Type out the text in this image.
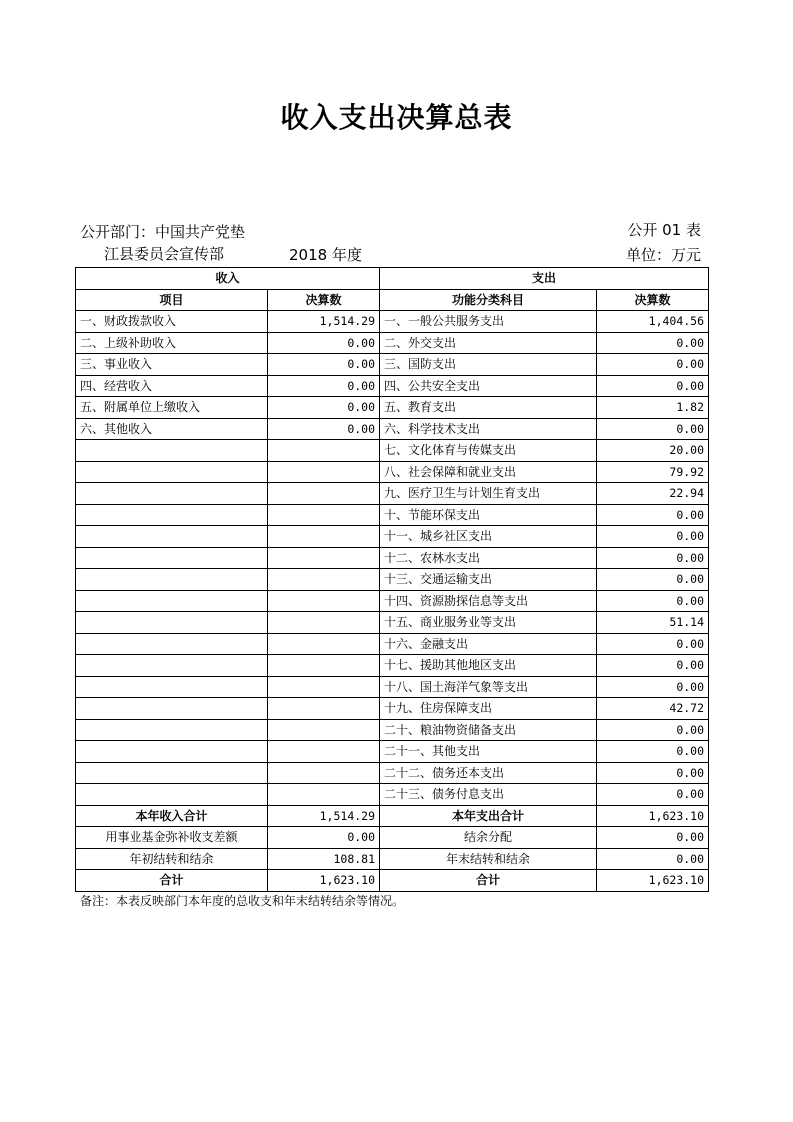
收入支出决算总表
公开部门：中国共产党垫
江县委员会宣传部	2018 年度
公开 01 表
单位：万元
收入		支出	
项目	决算数	功能分类科目	决算数
一、财政拨款收入	1,514.29	一、一般公共服务支出	1,404.56
二、上级补助收入	0.00	二、外交支出	0.00
三、事业收入	0.00	三、国防支出	0.00
四、经营收入	0.00	四、公共安全支出	0.00
五、附属单位上缴收入	0.00	五、教育支出	1.82
六、其他收入	0.00	六、科学技术支出	0.00
		七、文化体育与传媒支出	20.00
		八、社会保障和就业支出	79.92
		九、医疗卫生与计划生育支出	22.94
		十、节能环保支出	0.00
		十一、城乡社区支出	0.00
		十二、农林水支出	0.00
		十三、交通运输支出	0.00
		十四、资源勘探信息等支出	0.00
		十五、商业服务业等支出	51.14
		十六、金融支出	0.00
		十七、援助其他地区支出	0.00
		十八、国土海洋气象等支出	0.00
		十九、住房保障支出	42.72
		二十、粮油物资储备支出	0.00
		二十一、其他支出	0.00
		二十二、债务还本支出	0.00
		二十三、债务付息支出	0.00
本年收入合计	1,514.29	本年支出合计	1,623.10
用事业基金弥补收支差额	0.00	结余分配	0.00
年初结转和结余	108.81	年末结转和结余	0.00
合计	1,623.10	合计	1,623.10
备注：本表反映部门本年度的总收支和年末结转结余等情况。
